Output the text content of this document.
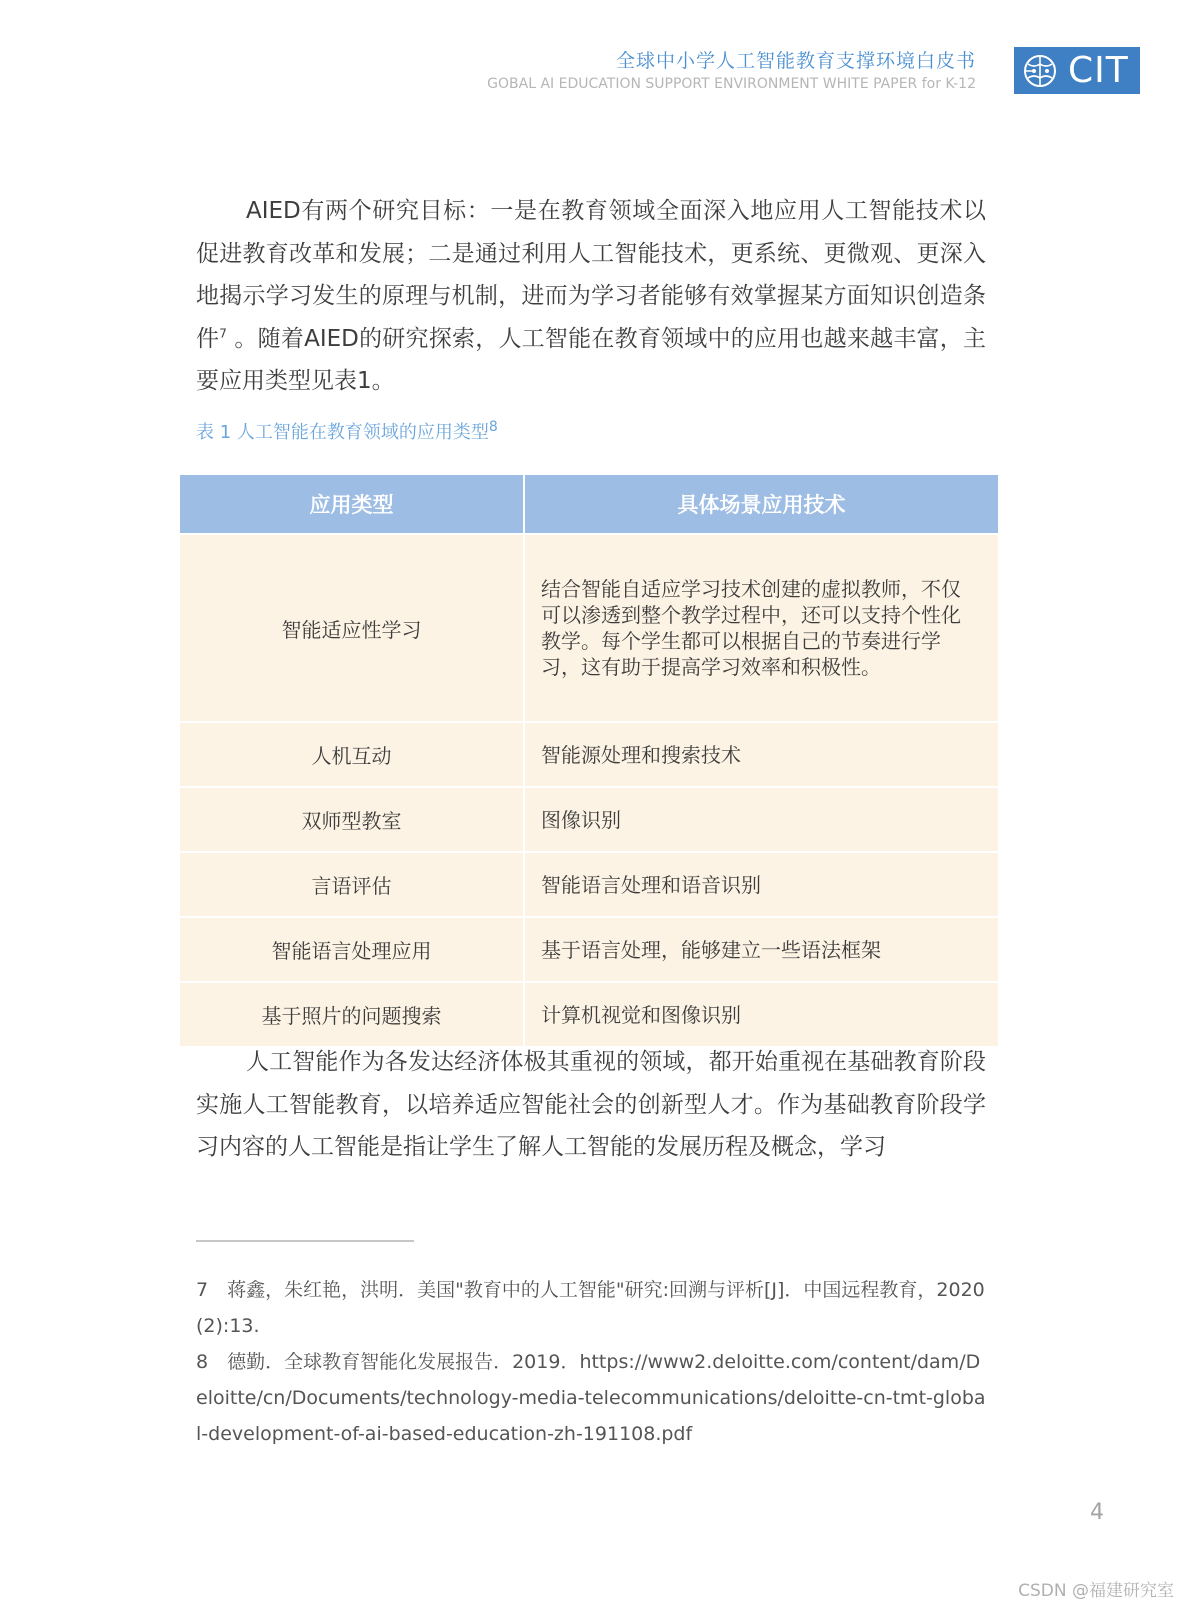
全球中小学人工智能教育支撑环境白皮书
GOBAL AI EDUCATION SUPPORT ENVIRONMENT WHITE PAPER for K-12	CIT

AIED有两个研究目标：一是在教育领域全面深入地应用人工智能技术以促进教育改革和发展；二是通过利用人工智能技术，更系统、更微观、更深入地揭示学习发生的原理与机制，进而为学习者能够有效掌握某方面知识创造条件$^7$ 。随着AIED的研究探索，人工智能在教育领域中的应用也越来越丰富，主要应用类型见表1。

表 1 人工智能在教育领域的应用类型$^8$
应用类型	具体场景应用技术
智能适应性学习	结合智能自适应学习技术创建的虚拟教师，不仅可以渗透到整个教学过程中，还可以支持个性化教学。每个学生都可以根据自己的节奏进行学习，这有助于提高学习效率和积极性。
人机互动	智能源处理和搜索技术
双师型教室	图像识别
言语评估	智能语言处理和语音识别
智能语言处理应用	基于语言处理，能够建立一些语法框架
基于照片的问题搜索	计算机视觉和图像识别

人工智能作为各发达经济体极其重视的领域，都开始重视在基础教育阶段实施人工智能教育，以培养适应智能社会的创新型人才。作为基础教育阶段学习内容的人工智能是指让学生了解人工智能的发展历程及概念，学习

7　蒋鑫，朱红艳，洪明．美国"教育中的人工智能"研究:回溯与评析[J]．中国远程教育，2020(2):13.

8　德勤．全球教育智能化发展报告．2019．https://www2.deloitte.com/content/dam/Deloitte/cn/Documents/technology-media-telecommunications/deloitte-cn-tmt-global-development-of-ai-based-education-zh-191108.pdf

4
CSDN @福建研究室
